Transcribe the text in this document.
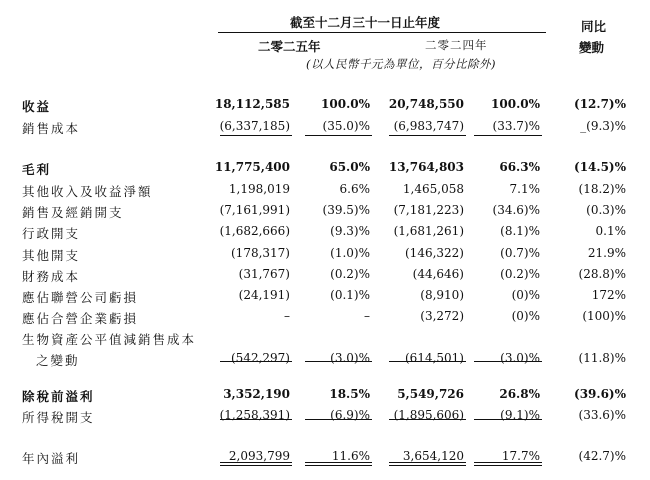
截至十二月三十一日止年度
二零二五年	二零二四年
(以人民幣千元為單位，百分比除外)
同比
變動
收益	18,112,585	100.0% 20,748,550 100.0%	(12.7)%
銷售成本	(6,337,185)	(35.0)% (6,983,747) (33.7)%	_(9.3)%
毛利	11,775,400	65.0% 13,764,803	66.3%	(14.5)%
其他收入及收益淨額	1,198,019	6.6%	1,465,058	7.1%	(18.2)%
銷售及經銷開支	(7,161,991)	(39.5)% (7,181,223) (34.6)%	(0.3)%
行政開支	(1,682,666)	(9.3)% (1,681,261)	(8.1)%	0.1%
其他開支	(178,317)	(1.0)%	(146,322)	(0.7)%	21.9%
財務成本	(31,767)	(0.2)%	(44,646)	(0.2)%	(28.8)%
應佔聯營公司虧損	(24,191)	(0.1)%	(8,910)	(0)%	172%
應佔合營企業虧損	–	–	(3,272)	(0)%	(100)%
生物資產公平值減銷售成本
之變動	(542,297)	(3.0)%	(614,501)	(3.0)%	(11.8)%
除稅前溢利	3,352,190	18.5% 5,549,726	26.8%	(39.6)%
所得稅開支	(1,258,391)	(6.9)% (1,895,606)	(9.1)%	(33.6)%
年內溢利	2,093,799	11.6%	3,654,120	17.7%	(42.7)%
